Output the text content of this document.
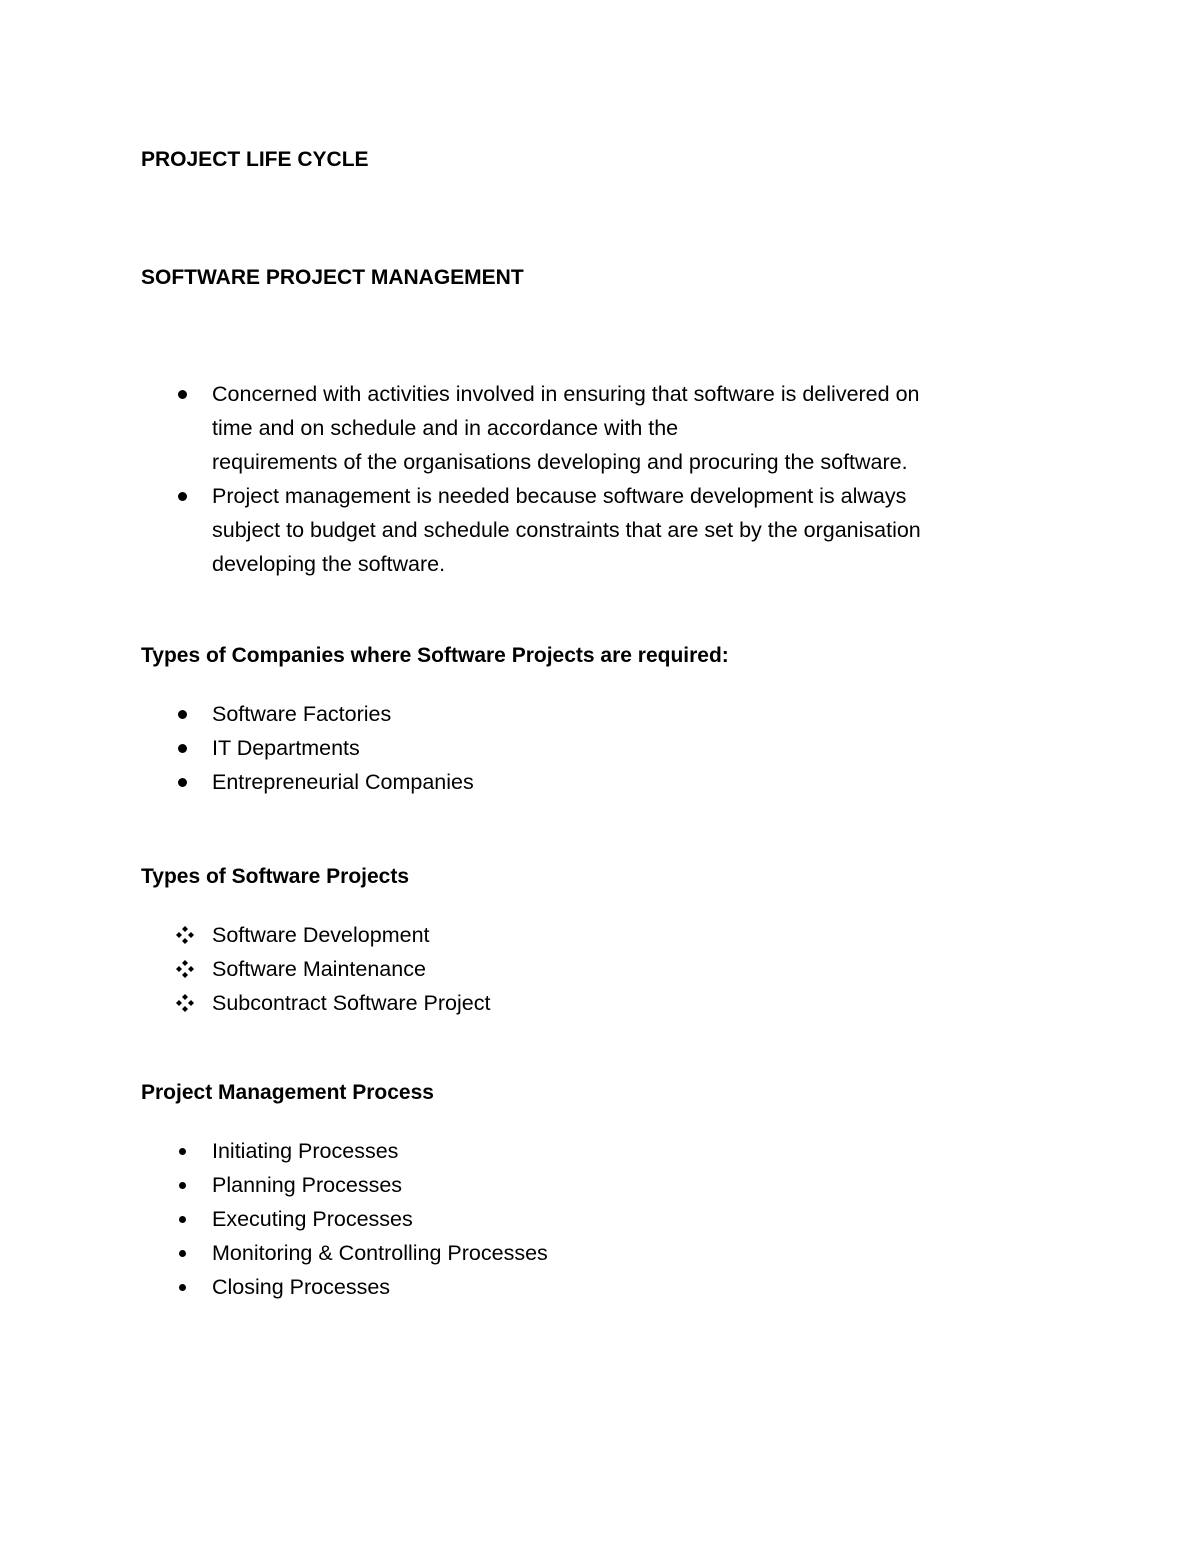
PROJECT LIFE CYCLE
SOFTWARE PROJECT MANAGEMENT
Concerned with activities involved in ensuring that software is delivered on
time and on schedule and in accordance with the
requirements of the organisations developing and procuring the software.
Project management is needed because software development is always
subject to budget and schedule constraints that are set by the organisation
developing the software.
Types of Companies where Software Projects are required:
Software Factories
IT Departments
Entrepreneurial Companies
Types of Software Projects
Software Development
Software Maintenance
Subcontract Software Project
Project Management Process
Initiating Processes
Planning Processes
Executing Processes
Monitoring & Controlling Processes
Closing Processes
